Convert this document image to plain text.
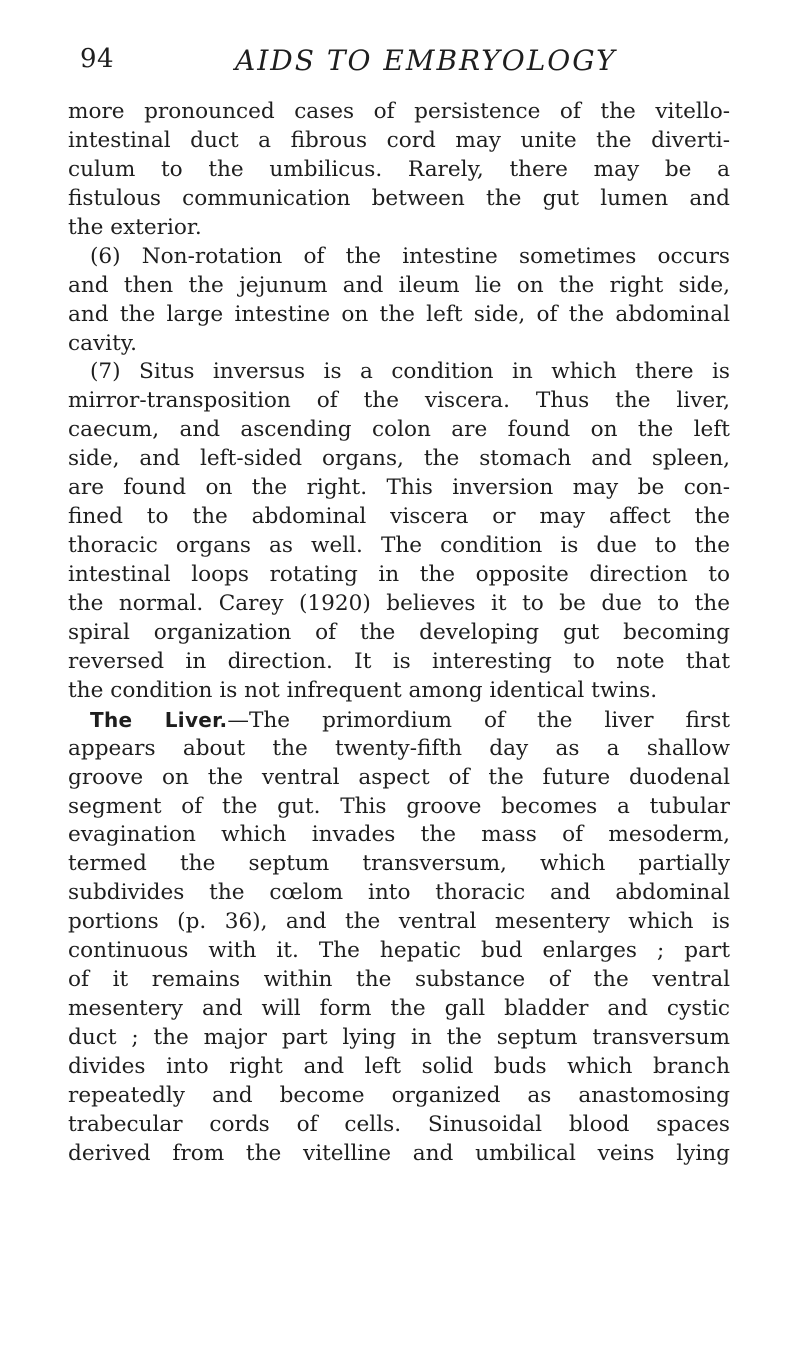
94	AIDS TO EMBRYOLOGY
more pronounced cases of persistence of the vitello-
intestinal duct a fibrous cord may unite the diverti-
culum to the umbilicus. Rarely, there may be a
fistulous communication between the gut lumen and
the exterior.
(6) Non-rotation of the intestine sometimes occurs
and then the jejunum and ileum lie on the right side,
and the large intestine on the left side, of the abdominal
cavity.
(7) Situs inversus is a condition in which there is
mirror-transposition of the viscera. Thus the liver,
caecum, and ascending colon are found on the left
side, and left-sided organs, the stomach and spleen,
are found on the right. This inversion may be con-
fined to the abdominal viscera or may affect the
thoracic organs as well. The condition is due to the
intestinal loops rotating in the opposite direction to
the normal. Carey (1920) believes it to be due to the
spiral organization of the developing gut becoming
reversed in direction. It is interesting to note that
the condition is not infrequent among identical twins.
The Liver.—The primordium of the liver first
appears about the twenty-fifth day as a shallow
groove on the ventral aspect of the future duodenal
segment of the gut. This groove becomes a tubular
evagination which invades the mass of mesoderm,
termed the septum transversum, which partially
subdivides the cœlom into thoracic and abdominal
portions (p. 36), and the ventral mesentery which is
continuous with it. The hepatic bud enlarges ; part
of it remains within the substance of the ventral
mesentery and will form the gall bladder and cystic
duct ; the major part lying in the septum transversum
divides into right and left solid buds which branch
repeatedly and become organized as anastomosing
trabecular cords of cells. Sinusoidal blood spaces
derived from the vitelline and umbilical veins lying
